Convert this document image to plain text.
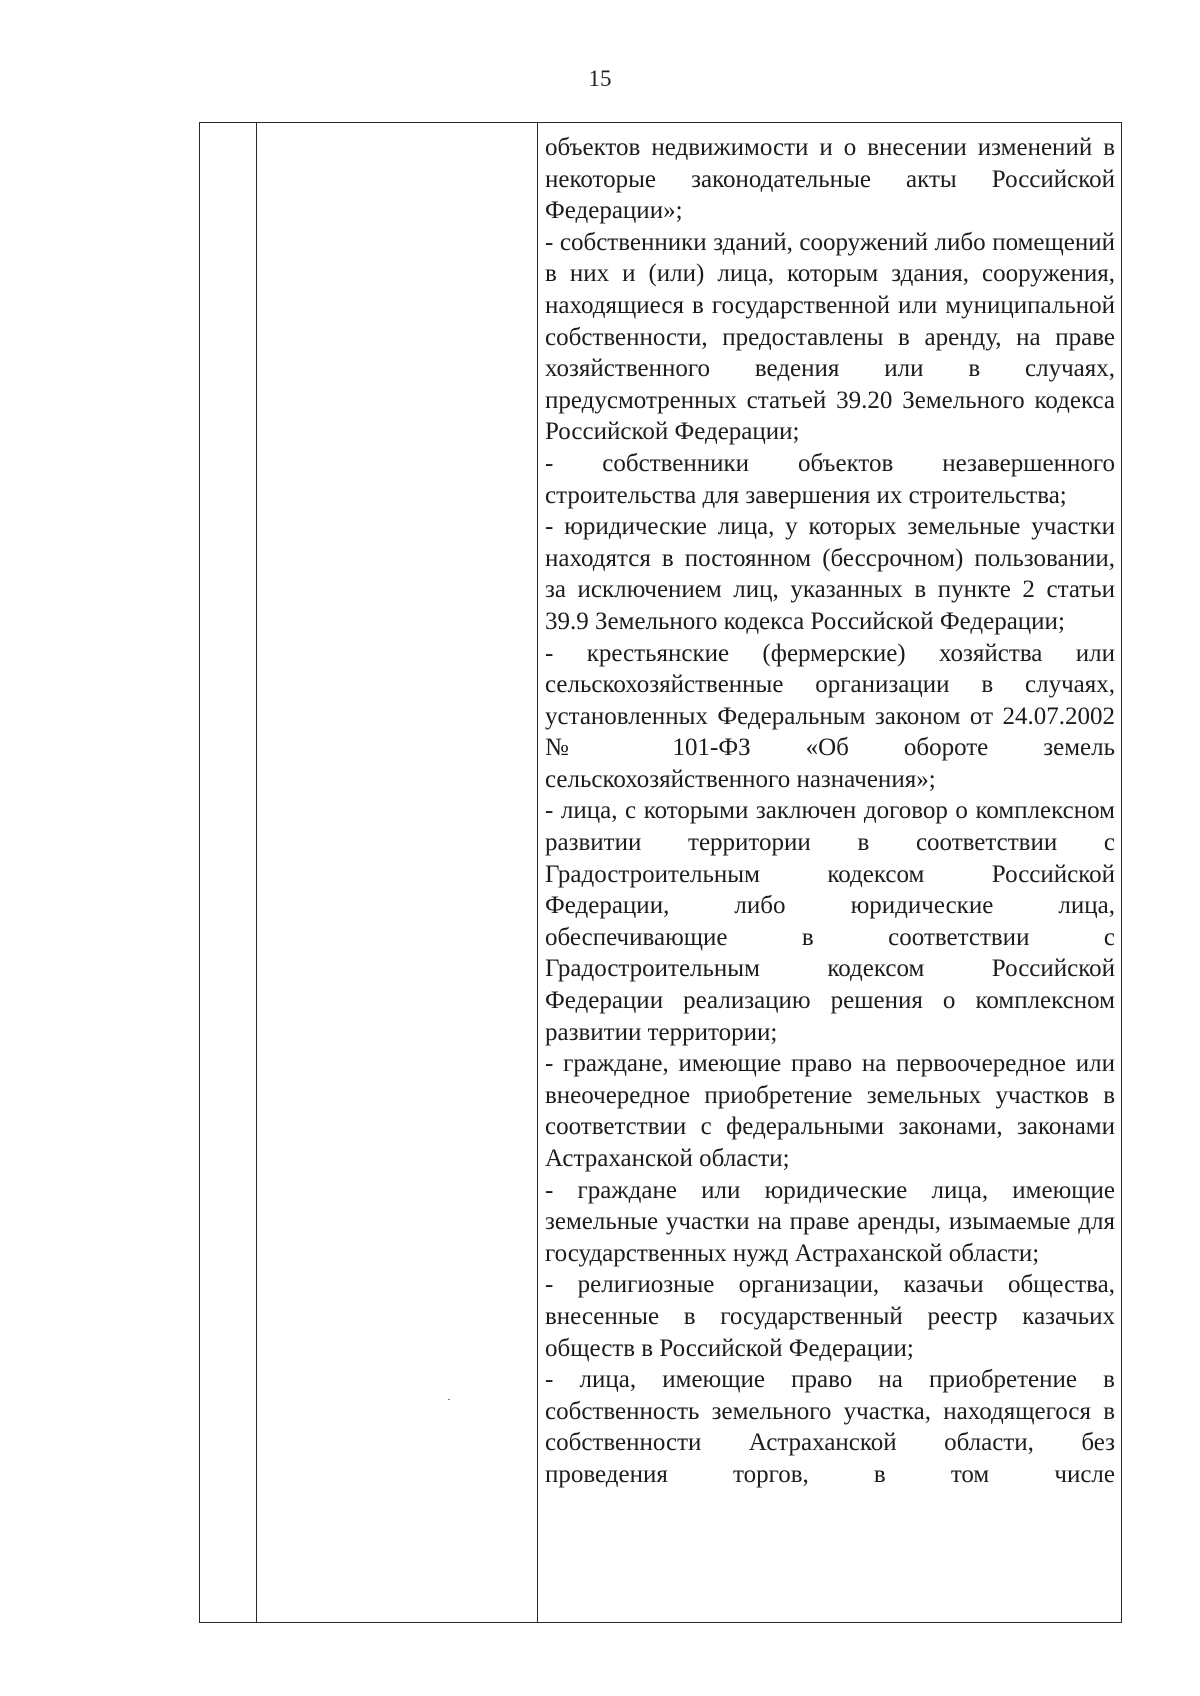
15

объектов недвижимости и о внесении изменений в некоторые законодательные акты Российской Федерации»;

- собственники зданий, сооружений либо помещений в них и (или) лица, которым здания, сооружения, находящиеся в государственной или муниципальной собственности, предоставлены в аренду, на праве хозяйственного ведения или в случаях, предусмотренных статьей 39.20 Земельного кодекса Российской Федерации;

- собственники объектов незавершенного строительства для завершения их строительства;

- юридические лица, у которых земельные участки находятся в постоянном (бессрочном) пользовании, за исключением лиц, указанных в пункте 2 статьи 39.9 Земельного кодекса Российской Федерации;

- крестьянские (фермерские) хозяйства или сельскохозяйственные организации в случаях, установленных Федеральным законом от 24.07.2002 № 101-ФЗ «Об обороте земель сельскохозяйственного назначения»;

- лица, с которыми заключен договор о комплексном развитии территории в соответствии с Градостроительным кодексом Российской Федерации, либо юридические лица, обеспечивающие в соответствии с Градостроительным кодексом Российской Федерации реализацию решения о комплексном развитии территории;

- граждане, имеющие право на первоочередное или внеочередное приобретение земельных участков в соответствии с федеральными законами, законами Астраханской области;

- граждане или юридические лица, имеющие земельные участки на праве аренды, изымаемые для государственных нужд Астраханской области;

- религиозные организации, казачьи общества, внесенные в государственный реестр казачьих обществ в Российской Федерации;

- лица, имеющие право на приобретение в собственность земельного участка, находящегося в собственности Астраханской области, без проведения торгов, в том числе
